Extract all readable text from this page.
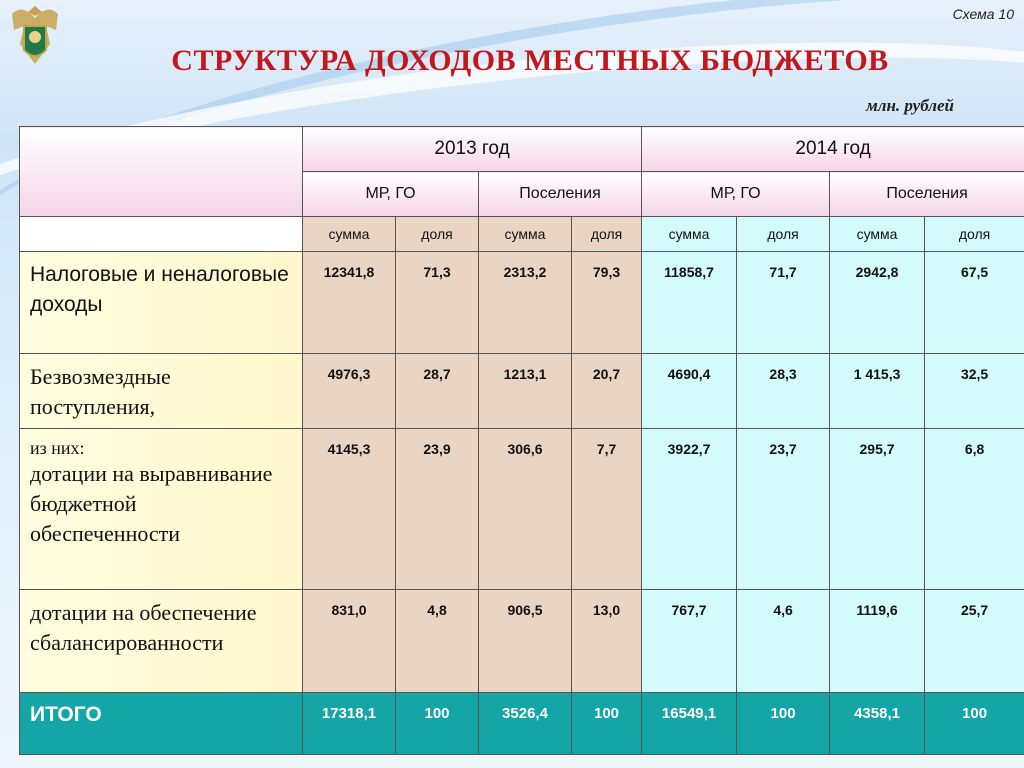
Схема 10
СТРУКТУРА ДОХОДОВ МЕСТНЫХ БЮДЖЕТОВ
млн. рублей
	2013 год				2014 год			
	МР, ГО		Поселения		МР, ГО		Поселения	
	сумма	доля	сумма	доля	сумма	доля	сумма	доля
Налоговые и неналоговые доходы	12341,8	71,3	2313,2	79,3	11858,7	71,7	2942,8	67,5
Безвозмездные поступления,	4976,3	28,7	1213,1	20,7	4690,4	28,3	1 415,3	32,5

из них:
дотации на выравнивание бюджетной обеспеченности	4145,3	23,9	306,6	7,7	3922,7	23,7	295,7	6,8
дотации на обеспечение сбалансированности	831,0	4,8	906,5	13,0	767,7	4,6	1119,6	25,7
ИТОГО	17318,1	100	3526,4	100	16549,1	100	4358,1	100
